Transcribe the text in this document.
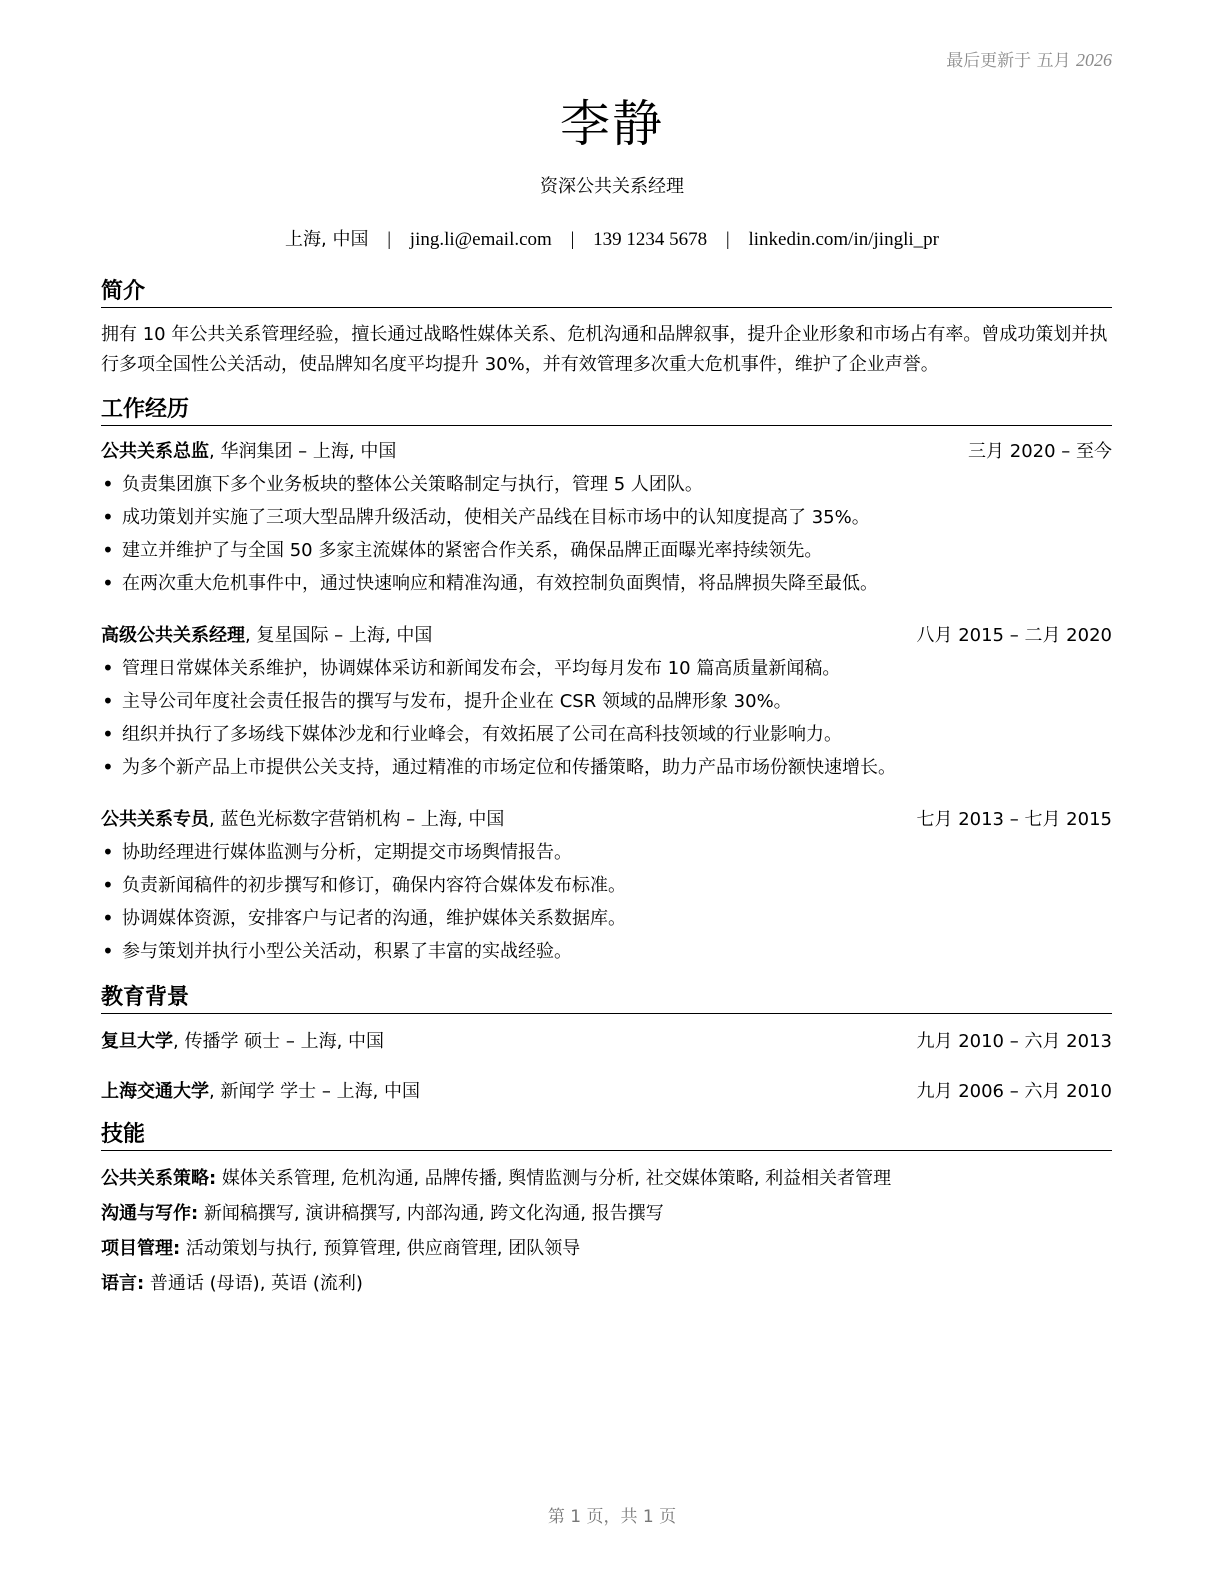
最后更新于 五月 2026
李静
资深公共关系经理
上海, 中国 | jing.li@email.com | 139 1234 5678 | linkedin.com/in/jingli_pr
简介
拥有 10 年公共关系管理经验，擅长通过战略性媒体关系、危机沟通和品牌叙事，提升企业形象和市场占有率。曾成功策划并执行多项全国性公关活动，使品牌知名度平均提升 30%，并有效管理多次重大危机事件，维护了企业声誉。
工作经历
公共关系总监, 华润集团 – 上海, 中国	三月 2020 – 至今
• 负责集团旗下多个业务板块的整体公关策略制定与执行，管理 5 人团队。
• 成功策划并实施了三项大型品牌升级活动，使相关产品线在目标市场中的认知度提高了 35%。
• 建立并维护了与全国 50 多家主流媒体的紧密合作关系，确保品牌正面曝光率持续领先。
• 在两次重大危机事件中，通过快速响应和精准沟通，有效控制负面舆情，将品牌损失降至最低。
高级公共关系经理, 复星国际 – 上海, 中国	八月 2015 – 二月 2020
• 管理日常媒体关系维护，协调媒体采访和新闻发布会，平均每月发布 10 篇高质量新闻稿。
• 主导公司年度社会责任报告的撰写与发布，提升企业在 CSR 领域的品牌形象 30%。
• 组织并执行了多场线下媒体沙龙和行业峰会，有效拓展了公司在高科技领域的行业影响力。
• 为多个新产品上市提供公关支持，通过精准的市场定位和传播策略，助力产品市场份额快速增长。
公共关系专员, 蓝色光标数字营销机构 – 上海, 中国	七月 2013 – 七月 2015
• 协助经理进行媒体监测与分析，定期提交市场舆情报告。
• 负责新闻稿件的初步撰写和修订，确保内容符合媒体发布标准。
• 协调媒体资源，安排客户与记者的沟通，维护媒体关系数据库。
• 参与策划并执行小型公关活动，积累了丰富的实战经验。
教育背景
复旦大学, 传播学 硕士 – 上海, 中国	九月 2010 – 六月 2013
上海交通大学, 新闻学 学士 – 上海, 中国	九月 2006 – 六月 2010
技能
公共关系策略: 媒体关系管理, 危机沟通, 品牌传播, 舆情监测与分析, 社交媒体策略, 利益相关者管理
沟通与写作: 新闻稿撰写, 演讲稿撰写, 内部沟通, 跨文化沟通, 报告撰写
项目管理: 活动策划与执行, 预算管理, 供应商管理, 团队领导
语言: 普通话 (母语), 英语 (流利)
第 1 页，共 1 页
